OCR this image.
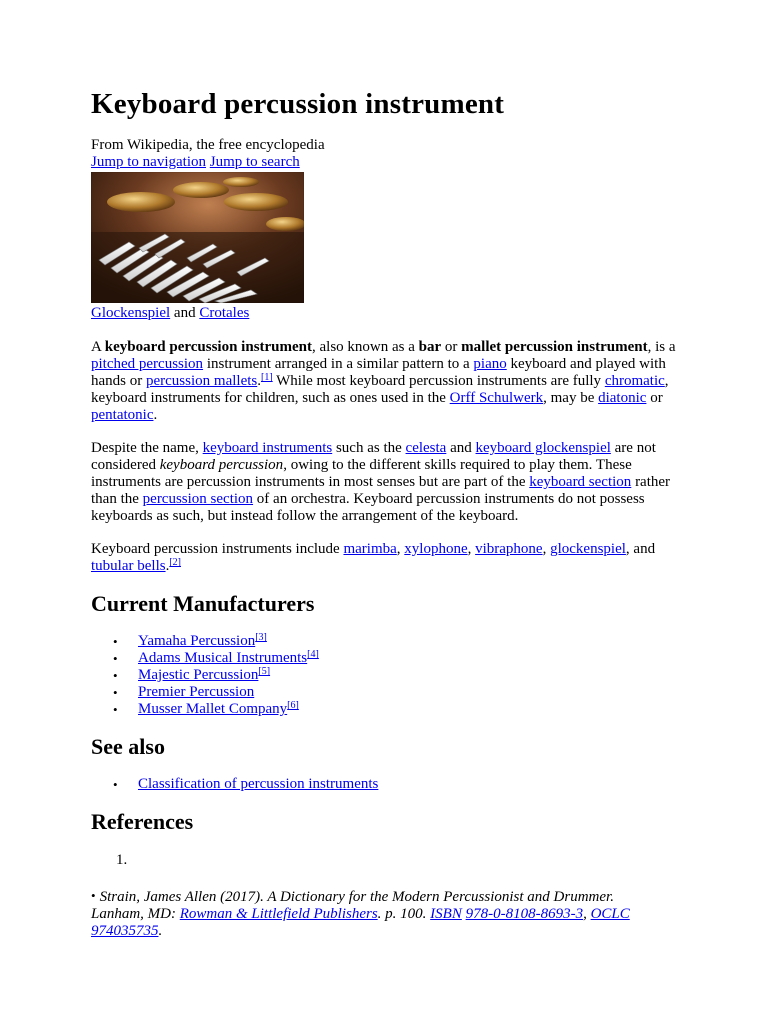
Keyboard percussion instrument
From Wikipedia, the free encyclopedia
Jump to navigation Jump to search
Glockenspiel and Crotales

A keyboard percussion instrument, also known as a bar or mallet percussion instrument, is a pitched percussion instrument arranged in a similar pattern to a piano keyboard and played with hands or percussion mallets.[1] While most keyboard percussion instruments are fully chromatic, keyboard instruments for children, such as ones used in the Orff Schulwerk, may be diatonic or pentatonic.

Despite the name, keyboard instruments such as the celesta and keyboard glockenspiel are not considered keyboard percussion, owing to the different skills required to play them. These instruments are percussion instruments in most senses but are part of the keyboard section rather than the percussion section of an orchestra. Keyboard percussion instruments do not possess keyboards as such, but instead follow the arrangement of the keyboard.

Keyboard percussion instruments include marimba, xylophone, vibraphone, glockenspiel, and tubular bells.[2]

Current Manufacturers
• Yamaha Percussion[3]
• Adams Musical Instruments[4]
• Majestic Percussion[5]
• Premier Percussion
• Musser Mallet Company[6]
See also
• Classification of percussion instruments
References
1.

• Strain, James Allen (2017). A Dictionary for the Modern Percussionist and Drummer. Lanham, MD: Rowman & Littlefield Publishers. p. 100. ISBN 978-0-8108-8693-3, OCLC 974035735.
